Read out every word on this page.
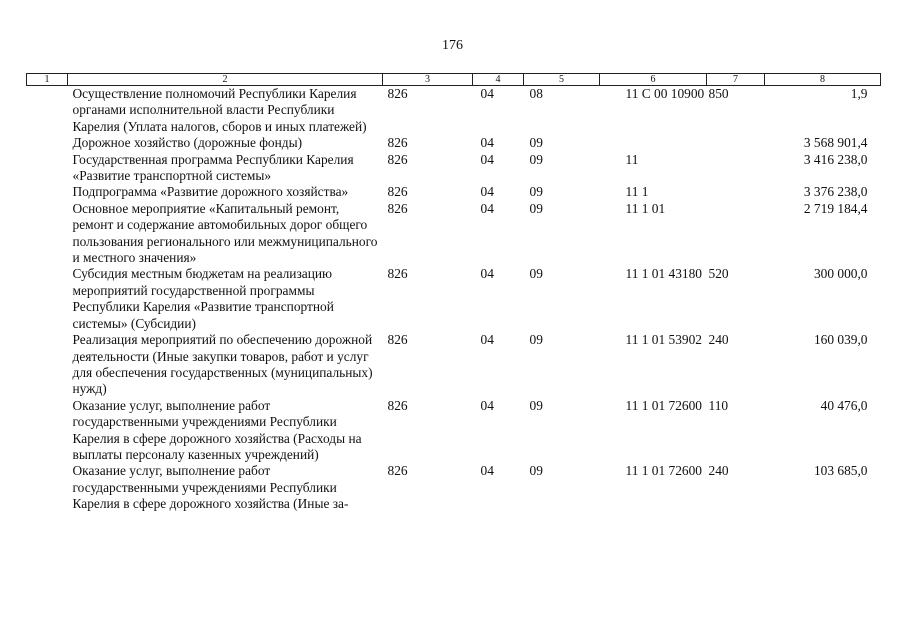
176
1	2	3	4	5	6	7	8
	Осуществление полномочий Республики Карелия органами исполнительной власти Республики Карелия (Уплата налогов, сборов и иных платежей)	826	04	08	11 С 00 10900	850	1,9
	Дорожное хозяйство (дорожные фонды)	826	04	09			3 568 901,4
	Государственная программа Республики Карелия «Развитие транспортной системы»	826	04	09	11		3 416 238,0
	Подпрограмма «Развитие дорожного хозяйства»	826	04	09	11 1		3 376 238,0
	Основное мероприятие «Капитальный ремонт, ремонт и содержание автомобильных дорог общего пользования регионального или межмуниципального и местного значения»	826	04	09	11 1 01		2 719 184,4
	Субсидия местным бюджетам на реализацию мероприятий государственной программы Республики Карелия «Развитие транспортной системы» (Субсидии)	826	04	09	11 1 01 43180	520	300 000,0
	Реализация мероприятий по обеспечению дорожной деятельности (Иные закупки товаров, работ и услуг для обеспечения государственных (муниципальных) нужд)	826	04	09	11 1 01 53902	240	160 039,0
	Оказание услуг, выполнение работ государственными учреждениями Республики Карелия в сфере дорожного хозяйства (Расходы на выплаты персоналу казенных учреждений)	826	04	09	11 1 01 72600	110	40 476,0
	Оказание услуг, выполнение работ государственными учреждениями Республики Карелия в сфере дорожного хозяйства (Иные за-	826	04	09	11 1 01 72600	240	103 685,0
